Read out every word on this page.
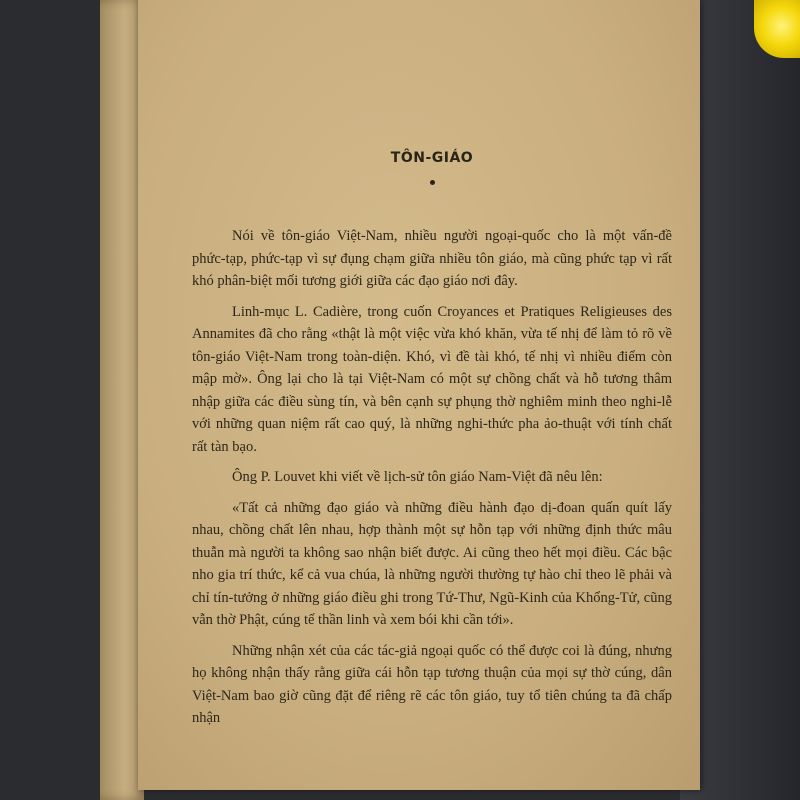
TÔN-GIÁO

Nói về tôn-giáo Việt-Nam, nhiều người ngoại-quốc cho là một vấn-đề phức-tạp, phức-tạp vì sự đụng chạm giữa nhiều tôn giáo, mà cũng phức tạp vì rất khó phân-biệt mối tương giới giữa các đạo giáo nơi đây.

Linh-mục L. Cadière, trong cuốn Croyances et Pratiques Religieuses des Annamites đã cho rằng «thật là một việc vừa khó khăn, vừa tế nhị để làm tỏ rõ về tôn-giáo Việt-Nam trong toàn-diện. Khó, vì đề tài khó, tế nhị vì nhiều điểm còn mập mờ». Ông lại cho là tại Việt-Nam có một sự chồng chất và hỗ tương thâm nhập giữa các điều sùng tín, và bên cạnh sự phụng thờ nghiêm minh theo nghi-lễ với những quan niệm rất cao quý, là những nghi-thức pha ảo-thuật với tính chất rất tàn bạo.

Ông P. Louvet khi viết về lịch-sử tôn giáo Nam-Việt đã nêu lên:

«Tất cả những đạo giáo và những điều hành đạo dị-đoan quấn quít lấy nhau, chồng chất lên nhau, hợp thành một sự hỗn tạp với những định thức mâu thuẫn mà người ta không sao nhận biết được. Ai cũng theo hết mọi điều. Các bậc nho gia trí thức, kể cả vua chúa, là những người thường tự hào chỉ theo lẽ phải và chỉ tín-tưởng ở những giáo điều ghi trong Tứ-Thư, Ngũ-Kinh của Khổng-Tử, cũng vẫn thờ Phật, cúng tế thần linh và xem bói khi cần tới».

Những nhận xét của các tác-giả ngoại quốc có thể được coi là đúng, nhưng họ không nhận thấy rằng giữa cái hỗn tạp tương thuận của mọi sự thờ cúng, dân Việt-Nam bao giờ cũng đặt để riêng rẽ các tôn giáo, tuy tổ tiên chúng ta đã chấp nhận
